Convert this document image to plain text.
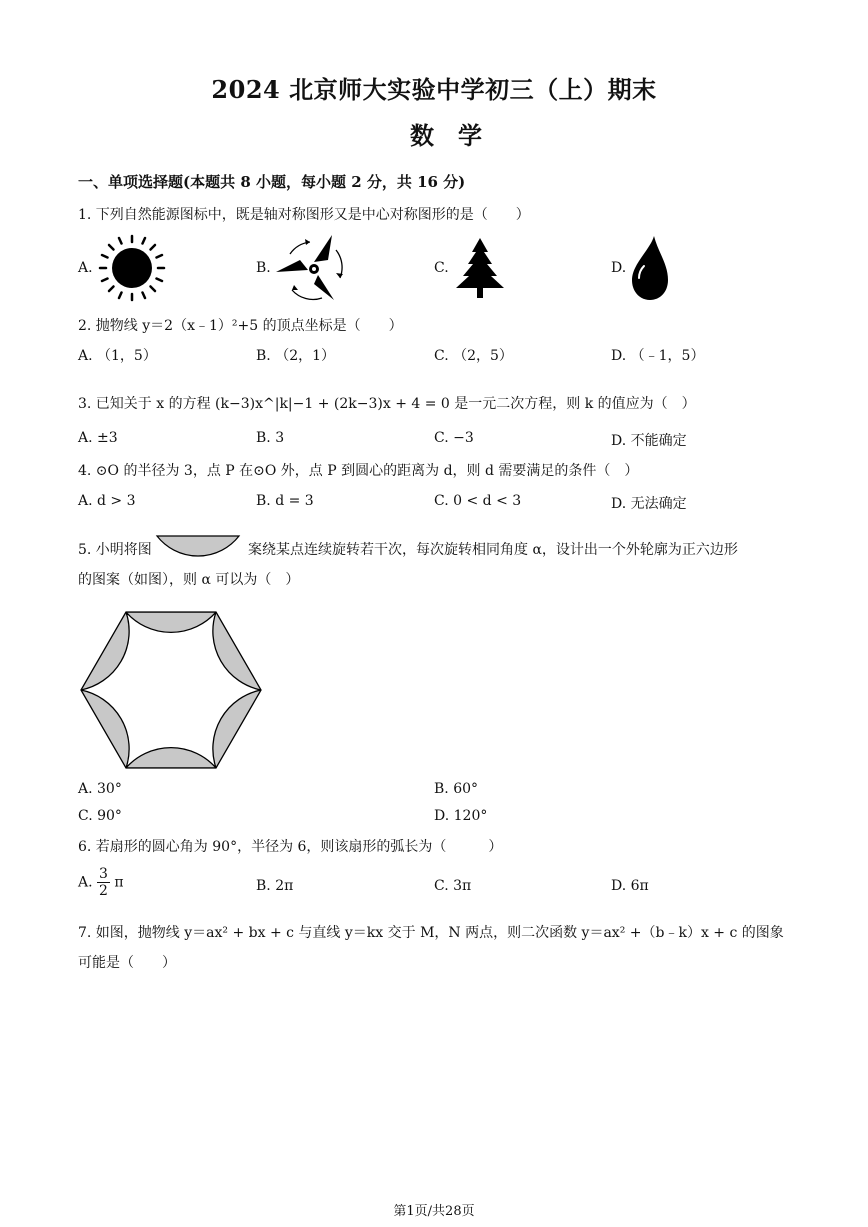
2024 北京师大实验中学初三（上）期末
数学
一、单项选择题(本题共 8 小题，每小题 2 分，共 16 分)
1. 下列自然能源图标中，既是轴对称图形又是中心对称图形的是（　　）
A.	B.	C.	D.
2. 抛物线 y＝2（x﹣1）²+5 的顶点坐标是（　　）
A. （1，5）	B. （2，1）	C. （2，5）	D. （﹣1，5）
3. 已知关于 x 的方程 (k−3)x^|k|−1 + (2k−3)x + 4 = 0 是一元二次方程，则 k 的值应为（　）
A. ±3	B. 3	C. −3	D. 不能确定
4. ⊙O 的半径为 3，点 P 在⊙O 外，点 P 到圆心的距离为 d，则 d 需要满足的条件（　）
A. d > 3	B. d = 3	C. 0 < d < 3	D. 无法确定
5. 小明将图	案绕某点连续旋转若干次，每次旋转相同角度 α，设计出一个外轮廓为正六边形
的图案（如图），则 α 可以为（　）
A. 30°	B. 60°
C. 90°	D. 120°
6. 若扇形的圆心角为 90°，半径为 6，则该扇形的弧长为（　　　）
A. $\frac{3}{2}$ π	B. 2π	C. 3π	D. 6π
7. 如图，抛物线 y＝ax² + bx + c 与直线 y＝kx 交于 M，N 两点，则二次函数 y＝ax² +（b﹣k）x + c 的图象
可能是（　　）
第1页/共28页
